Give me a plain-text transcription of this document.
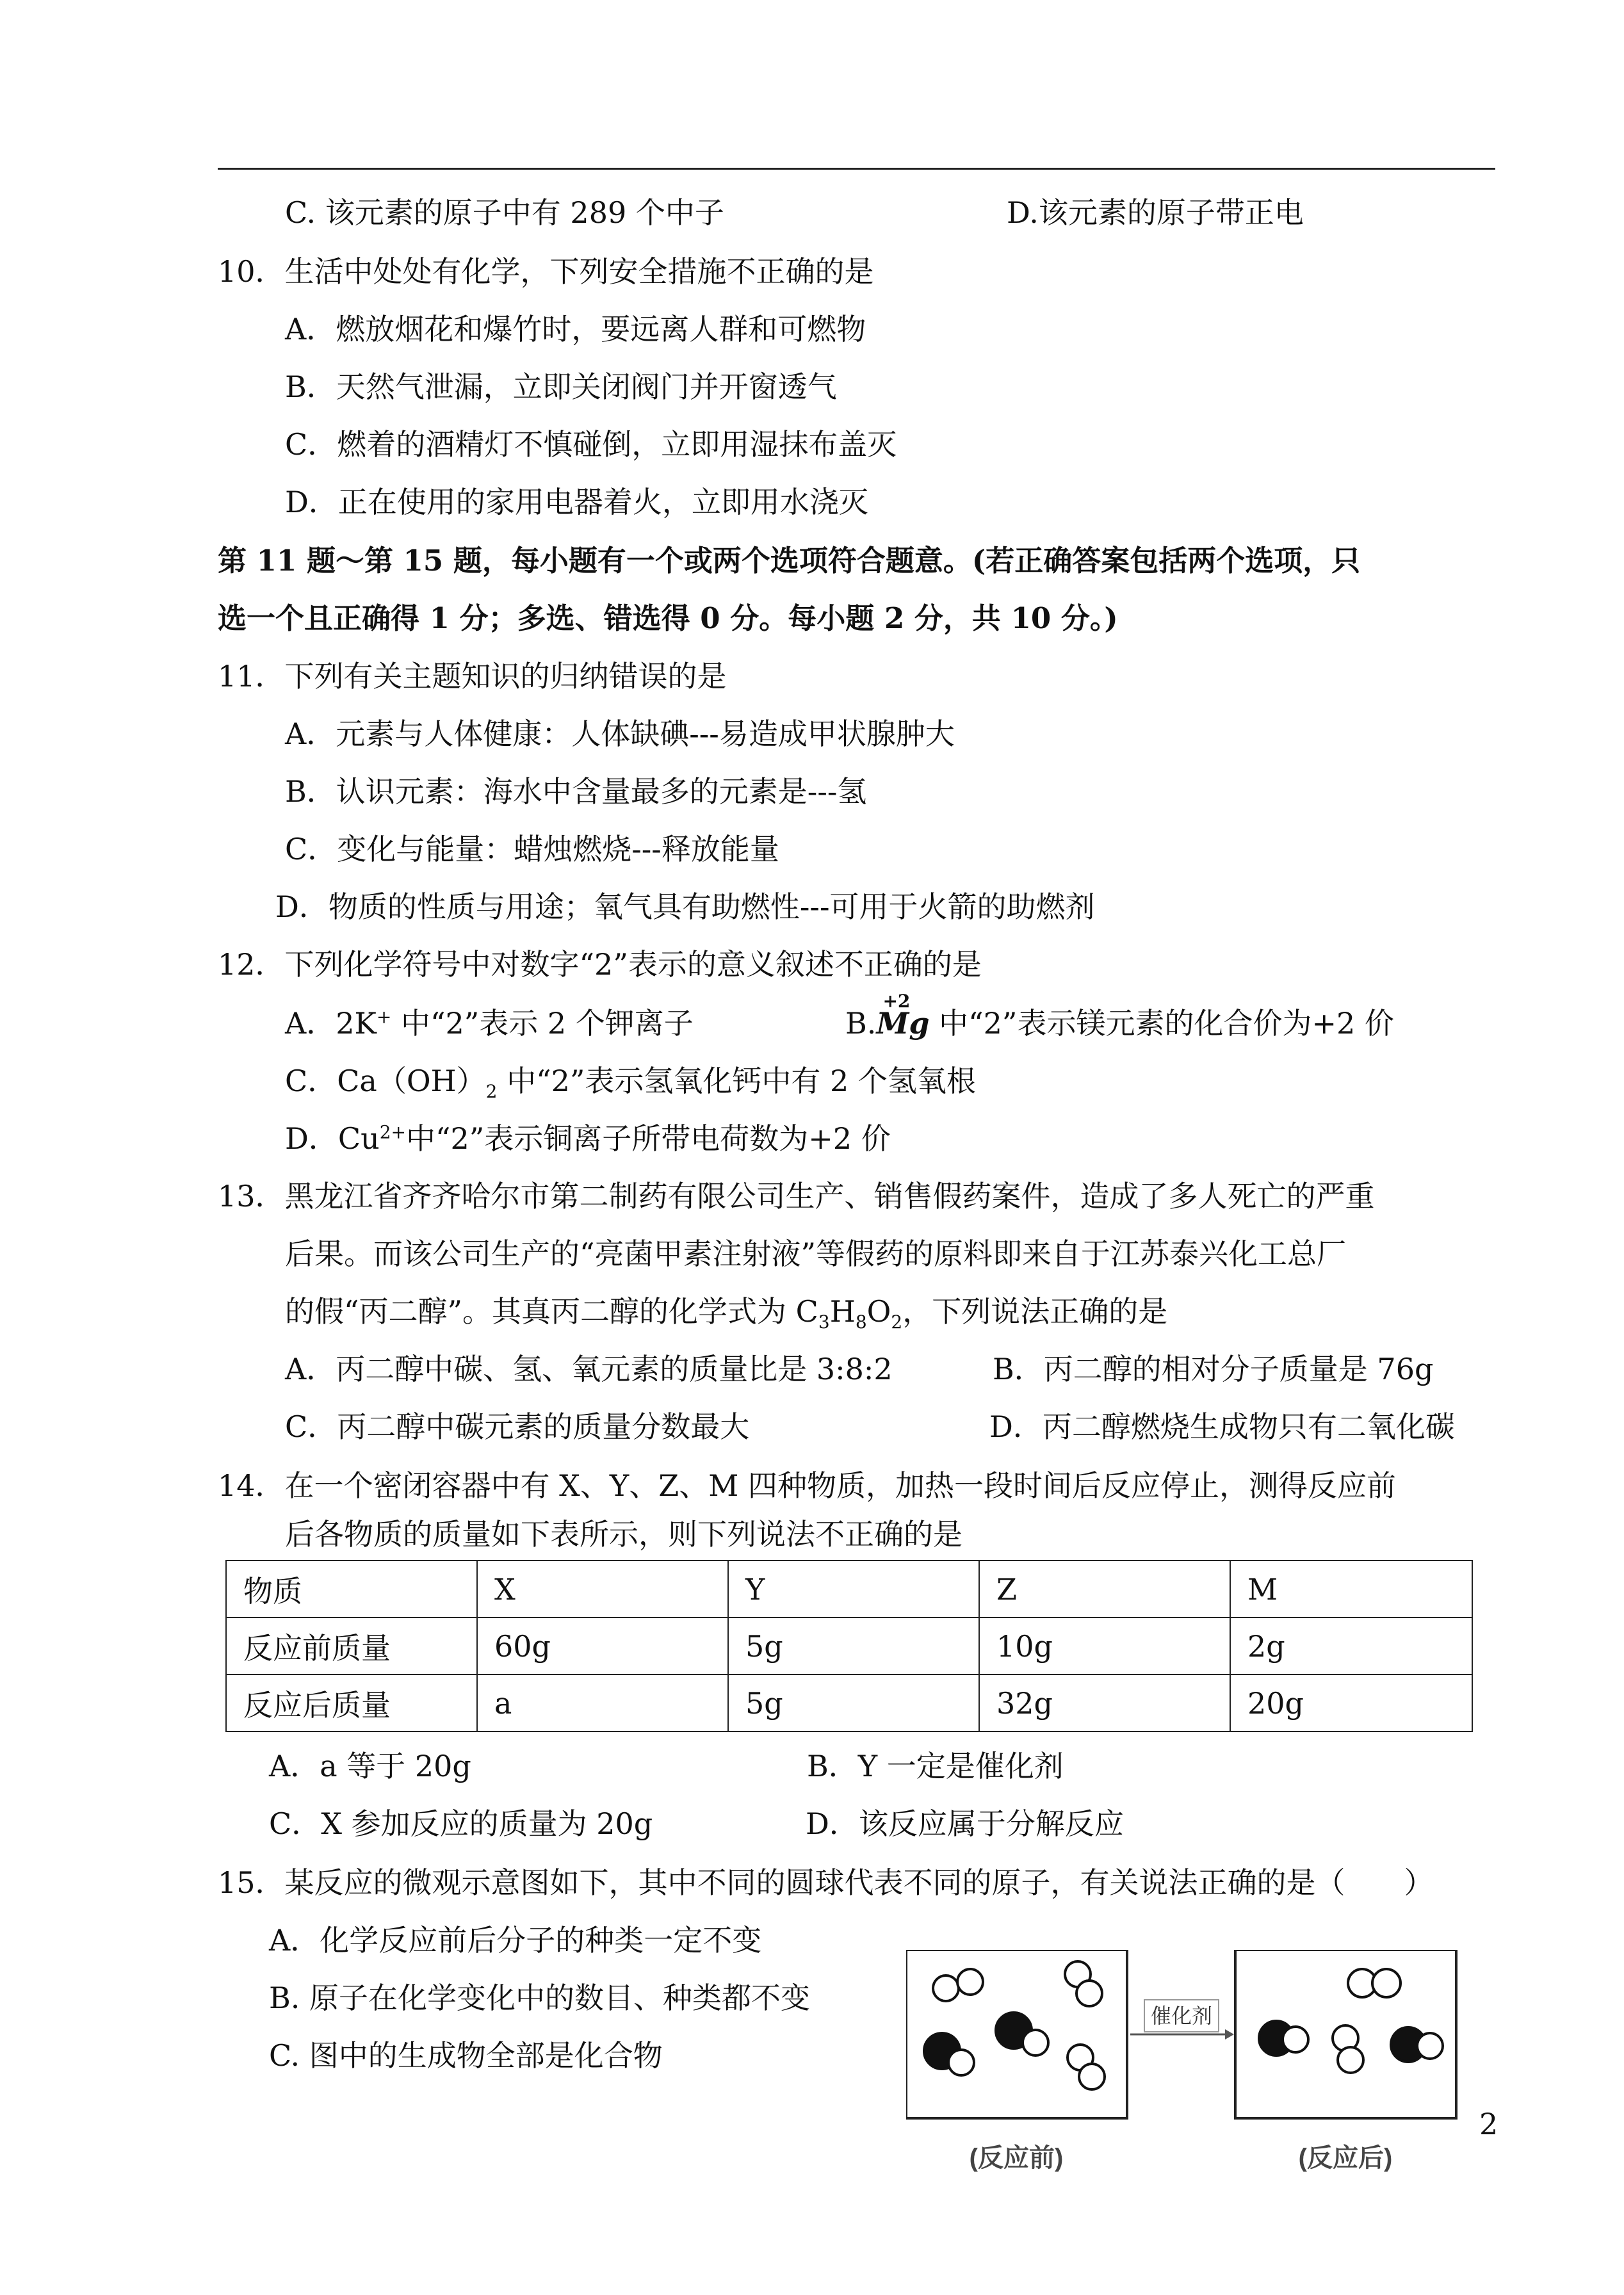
C. 该元素的原子中有 289 个中子	D.该元素的原子带正电
10．生活中处处有化学，下列安全措施不正确的是
A．燃放烟花和爆竹时，要远离人群和可燃物
B．天然气泄漏，立即关闭阀门并开窗透气
C．燃着的酒精灯不慎碰倒，立即用湿抹布盖灭
D．正在使用的家用电器着火，立即用水浇灭
第 11 题～第 15 题，每小题有一个或两个选项符合题意。(若正确答案包括两个选项，只
选一个且正确得 1 分；多选、错选得 0 分。每小题 2 分，共 10 分。)
11．下列有关主题知识的归纳错误的是
A．元素与人体健康：人体缺碘---易造成甲状腺肿大
B．认识元素：海水中含量最多的元素是---氢
C．变化与能量：蜡烛燃烧---释放能量
D．物质的性质与用途；氧气具有助燃性---可用于火箭的助燃剂
12．下列化学符号中对数字“2”表示的意义叙述不正确的是
A．2K+ 中“2”表示 2 个钾离子	B.
+2
Mg 中“2”表示镁元素的化合价为+2 价
C．$Ca(OH)_2$ 中“2”表示氢氧化钙中有 2 个氢氧根
D．$Cu^{2+}$中“2”表示铜离子所带电荷数为+2 价
13．黑龙江省齐齐哈尔市第二制药有限公司生产、销售假药案件，造成了多人死亡的严重
后果。而该公司生产的“亮菌甲素注射液”等假药的原料即来自于江苏泰兴化工总厂
的假“丙二醇”。其真丙二醇的化学式为 $C_3H_8O_2$，下列说法正确的是
A．丙二醇中碳、氢、氧元素的质量比是 3:8:2	B．丙二醇的相对分子质量是 76g
C．丙二醇中碳元素的质量分数最大	D．丙二醇燃烧生成物只有二氧化碳
14．在一个密闭容器中有 X、Y、Z、M 四种物质，加热一段时间后反应停止，测得反应前
后各物质的质量如下表所示，则下列说法不正确的是
物质	X	Y	Z	M
反应前质量	60g	5g	10g	2g
反应后质量	a	5g	32g	20g
A．a 等于 20g	B．Y 一定是催化剂
C．X 参加反应的质量为 20g	D．该反应属于分解反应
15．某反应的微观示意图如下，其中不同的圆球代表不同的原子，有关说法正确的是（　　）
A．化学反应前后分子的种类一定不变
B. 原子在化学变化中的数目、种类都不变
C. 图中的生成物全部是化合物
催化剂
(反应前)	(反应后)
2
